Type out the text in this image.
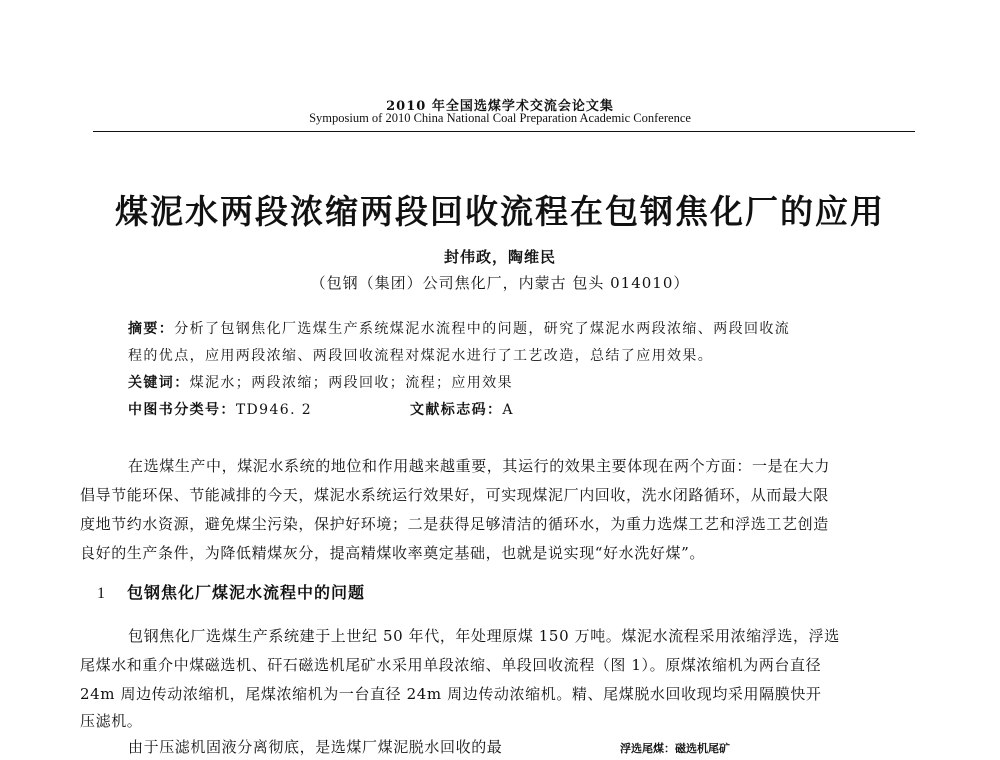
2010 年全国选煤学术交流会论文集
Symposium of 2010 China National Coal Preparation Academic Conference
煤泥水两段浓缩两段回收流程在包钢焦化厂的应用
封伟政，陶维民
（包钢（集团）公司焦化厂，内蒙古 包头 014010）
摘要：分析了包钢焦化厂选煤生产系统煤泥水流程中的问题，研究了煤泥水两段浓缩、两段回收流
程的优点，应用两段浓缩、两段回收流程对煤泥水进行了工艺改造，总结了应用效果。
关键词：煤泥水；两段浓缩；两段回收；流程；应用效果
中图书分类号：TD946. 2	文献标志码：A
在选煤生产中，煤泥水系统的地位和作用越来越重要，其运行的效果主要体现在两个方面：一是在大力
倡导节能环保、节能减排的今天，煤泥水系统运行效果好，可实现煤泥厂内回收，洗水闭路循环，从而最大限
度地节约水资源，避免煤尘污染，保护好环境；二是获得足够清洁的循环水，为重力选煤工艺和浮选工艺创造
良好的生产条件，为降低精煤灰分，提高精煤收率奠定基础，也就是说实现“好水洗好煤”。
1 包钢焦化厂煤泥水流程中的问题
包钢焦化厂选煤生产系统建于上世纪 50 年代，年处理原煤 150 万吨。煤泥水流程采用浓缩浮选，浮选
尾煤水和重介中煤磁选机、矸石磁选机尾矿水采用单段浓缩、单段回收流程（图 1）。原煤浓缩机为两台直径
24m 周边传动浓缩机，尾煤浓缩机为一台直径 24m 周边传动浓缩机。精、尾煤脱水回收现均采用隔膜快开
压滤机。
由于压滤机固液分离彻底，是选煤厂煤泥脱水回收的最	浮选尾煤：磁选机尾矿
